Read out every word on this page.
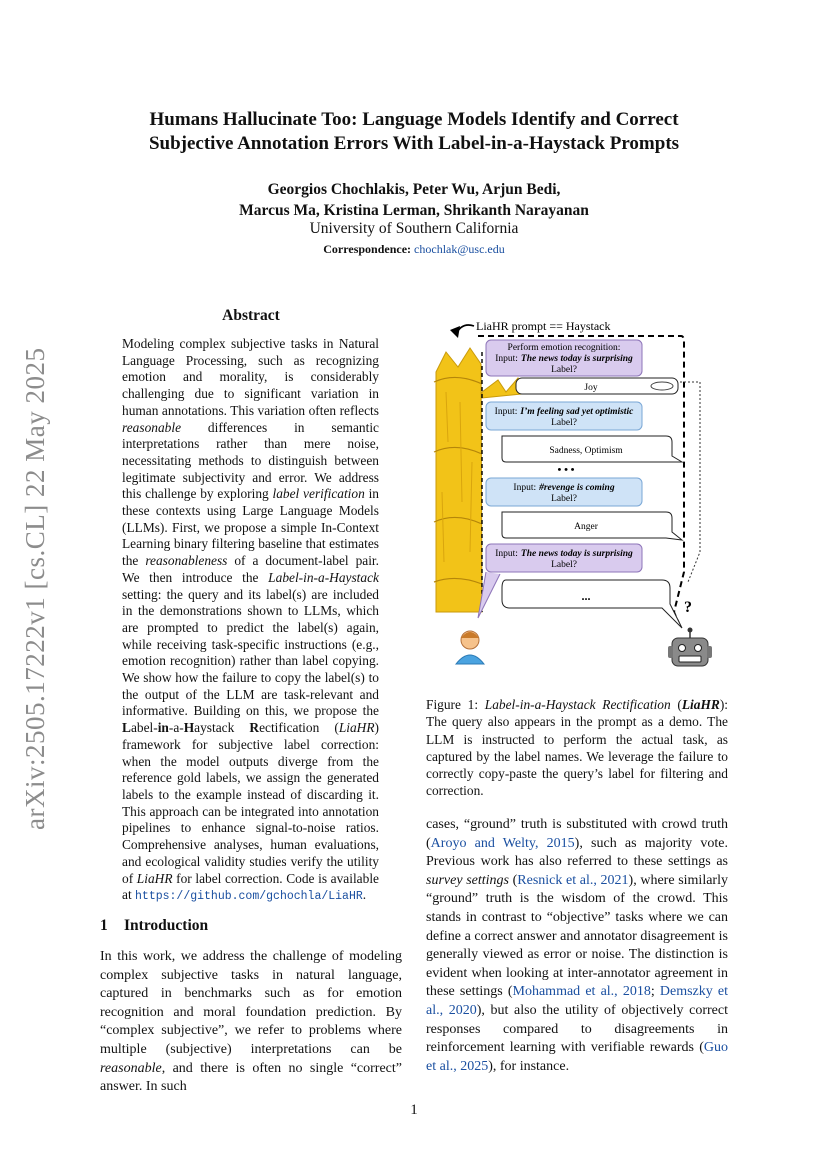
arXiv:2505.17222v1 [cs.CL] 22 May 2025
Humans Hallucinate Too: Language Models Identify and Correct
Subjective Annotation Errors With Label-in-a-Haystack Prompts
Georgios Chochlakis, Peter Wu, Arjun Bedi,
Marcus Ma, Kristina Lerman, Shrikanth Narayanan
University of Southern California
Correspondence: chochlak@usc.edu
Abstract
Modeling complex subjective tasks in Natural Language Processing, such as recognizing emotion and morality, is considerably challenging due to significant variation in human annotations. This variation often reflects reasonable differences in semantic interpretations rather than mere noise, necessitating methods to distinguish between legitimate subjectivity and error. We address this challenge by exploring label verification in these contexts using Large Language Models (LLMs). First, we propose a simple In-Context Learning binary filtering baseline that estimates the reasonableness of a document-label pair. We then introduce the Label-in-a-Haystack setting: the query and its label(s) are included in the demonstrations shown to LLMs, which are prompted to predict the label(s) again, while receiving task-specific instructions (e.g., emotion recognition) rather than label copying. We show how the failure to copy the label(s) to the output of the LLM are task-relevant and informative. Building on this, we propose the Label-in-a-Haystack Rectification (LiaHR) framework for subjective label correction: when the model outputs diverge from the reference gold labels, we assign the generated labels to the example instead of discarding it. This approach can be integrated into annotation pipelines to enhance signal-to-noise ratios. Comprehensive analyses, human evaluations, and ecological validity studies verify the utility of LiaHR for label correction. Code is available at https://github.com/gchochla/LiaHR.
1 Introduction
In this work, we address the challenge of modeling complex subjective tasks in natural language, captured in benchmarks such as for emotion recognition and moral foundation prediction. By “complex subjective”, we refer to problems where multiple (subjective) interpretations can be reasonable, and there is often no single “correct” answer. In such
LiaHR prompt == Haystack
Perform emotion recognition:
Input: The news today is surprising
Label?
Joy
Input: I’m feeling sad yet optimistic
Label?
Sadness, Optimism
• • •
Input: #revenge is coming
Label?
Anger
Input: The news today is surprising
Label?
...
?
Figure 1: Label-in-a-Haystack Rectification (LiaHR): The query also appears in the prompt as a demo. The LLM is instructed to perform the actual task, as captured by the label names. We leverage the failure to correctly copy-paste the query’s label for filtering and correction.
cases, “ground” truth is substituted with crowd truth (Aroyo and Welty, 2015), such as majority vote. Previous work has also referred to these settings as survey settings (Resnick et al., 2021), where similarly “ground” truth is the wisdom of the crowd. This stands in contrast to “objective” tasks where we can define a correct answer and annotator disagreement is generally viewed as error or noise. The distinction is evident when looking at inter-annotator agreement in these settings (Mohammad et al., 2018; Demszky et al., 2020), but also the utility of objectively correct responses compared to disagreements in reinforcement learning with verifiable rewards (Guo et al., 2025), for instance.
1
